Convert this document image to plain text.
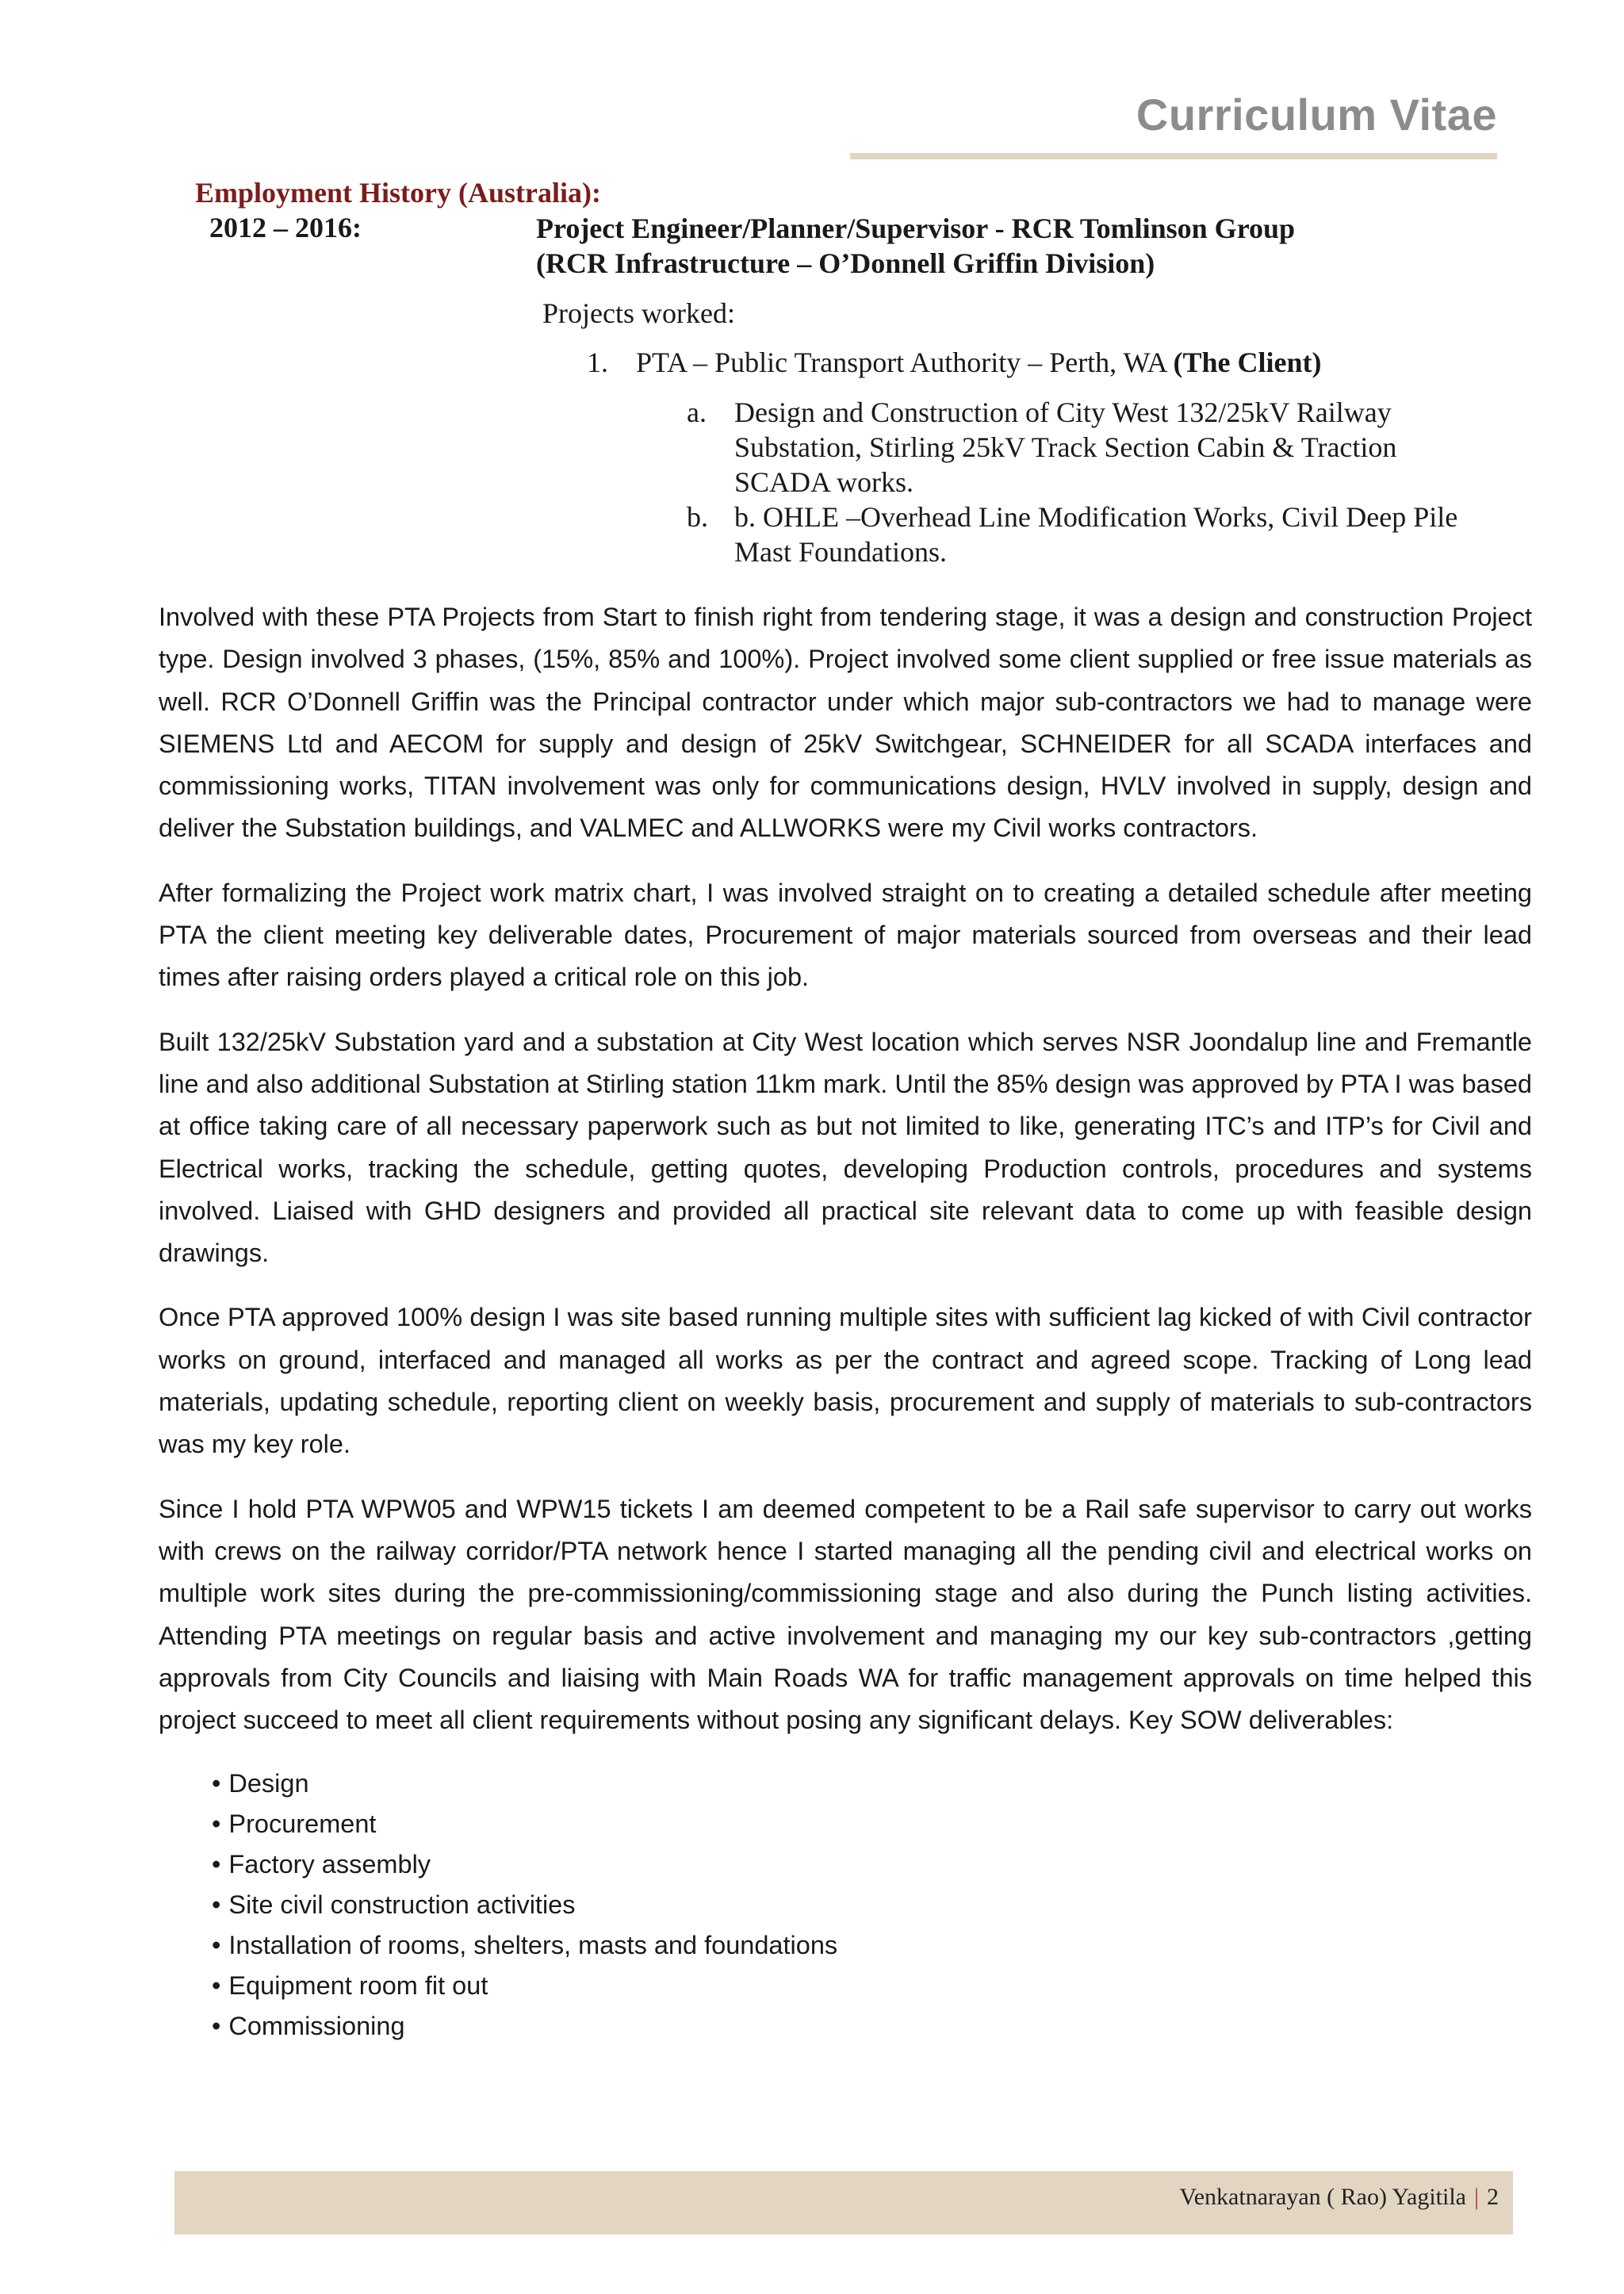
Curriculum Vitae
Employment History (Australia):
2012 – 2016:	Project Engineer/Planner/Supervisor - RCR Tomlinson Group
(RCR Infrastructure – O’Donnell Griffin Division)
Projects worked:
1. PTA – Public Transport Authority – Perth, WA (The Client)
a. Design and Construction of City West 132/25kV Railway
Substation, Stirling 25kV Track Section Cabin & Traction
SCADA works.
b. b. OHLE –Overhead Line Modification Works, Civil Deep Pile
Mast Foundations.

Involved with these PTA Projects from Start to finish right from tendering stage, it was a design and construction Project type. Design involved 3 phases, (15%, 85% and 100%). Project involved some client supplied or free issue materials as well. RCR O’Donnell Griffin was the Principal contractor under which major sub-contractors we had to manage were SIEMENS Ltd and AECOM for supply and design of 25kV Switchgear, SCHNEIDER for all SCADA interfaces and commissioning works, TITAN involvement was only for communications design, HVLV involved in supply, design and deliver the Substation buildings, and VALMEC and ALLWORKS were my Civil works contractors.

After formalizing the Project work matrix chart, I was involved straight on to creating a detailed schedule after meeting PTA the client meeting key deliverable dates, Procurement of major materials sourced from overseas and their lead times after raising orders played a critical role on this job.

Built 132/25kV Substation yard and a substation at City West location which serves NSR Joondalup line and Fremantle line and also additional Substation at Stirling station 11km mark. Until the 85% design was approved by PTA I was based at office taking care of all necessary paperwork such as but not limited to like, generating ITC’s and ITP’s for Civil and Electrical works, tracking the schedule, getting quotes, developing Production controls, procedures and systems involved. Liaised with GHD designers and provided all practical site relevant data to come up with feasible design drawings.

Once PTA approved 100% design I was site based running multiple sites with sufficient lag kicked of with Civil contractor works on ground, interfaced and managed all works as per the contract and agreed scope. Tracking of Long lead materials, updating schedule, reporting client on weekly basis, procurement and supply of materials to sub-contractors was my key role.

Since I hold PTA WPW05 and WPW15 tickets I am deemed competent to be a Rail safe supervisor to carry out works with crews on the railway corridor/PTA network hence I started managing all the pending civil and electrical works on multiple work sites during the pre-commissioning/commissioning stage and also during the Punch listing activities. Attending PTA meetings on regular basis and active involvement and managing my our key sub-contractors ,getting approvals from City Councils and liaising with Main Roads WA for traffic management approvals on time helped this project succeed to meet all client requirements without posing any significant delays. Key SOW deliverables:

• Design
• Procurement
• Factory assembly
• Site civil construction activities
• Installation of rooms, shelters, masts and foundations
• Equipment room fit out
• Commissioning
Venkatnarayan ( Rao) Yagitila | 2
